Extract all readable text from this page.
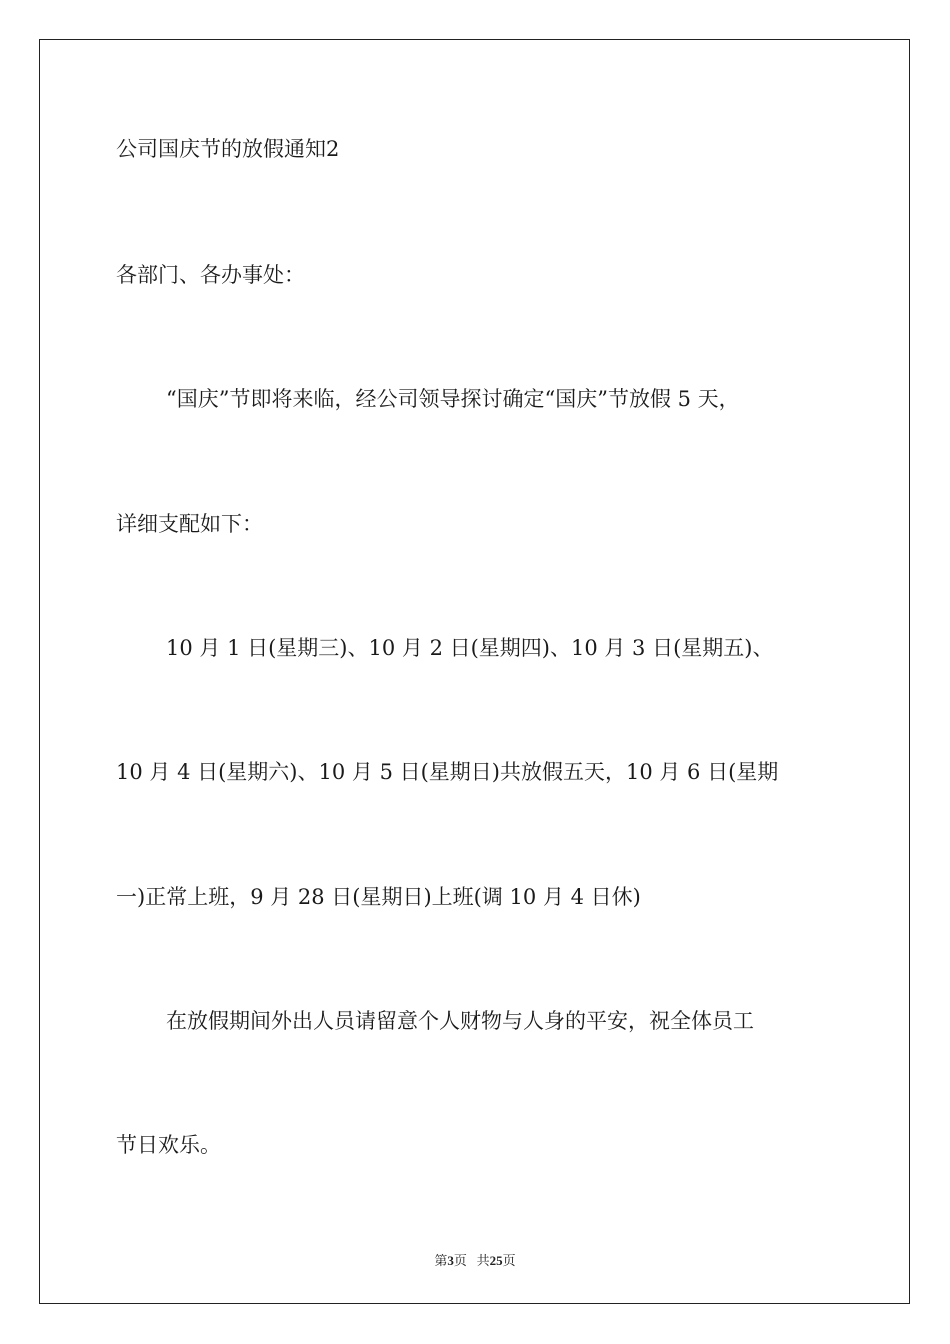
公司国庆节的放假通知2

各部门、各办事处：

“国庆”节即将来临，经公司领导探讨确定“国庆”节放假 5 天，

详细支配如下：

10 月 1 日(星期三)、10 月 2 日(星期四)、10 月 3 日(星期五)、

10 月 4 日(星期六)、10 月 5 日(星期日)共放假五天，10 月 6 日(星期

一)正常上班，9 月 28 日(星期日)上班(调 10 月 4 日休)

在放假期间外出人员请留意个人财物与人身的平安，祝全体员工

节日欢乐。

第3页 共25页
